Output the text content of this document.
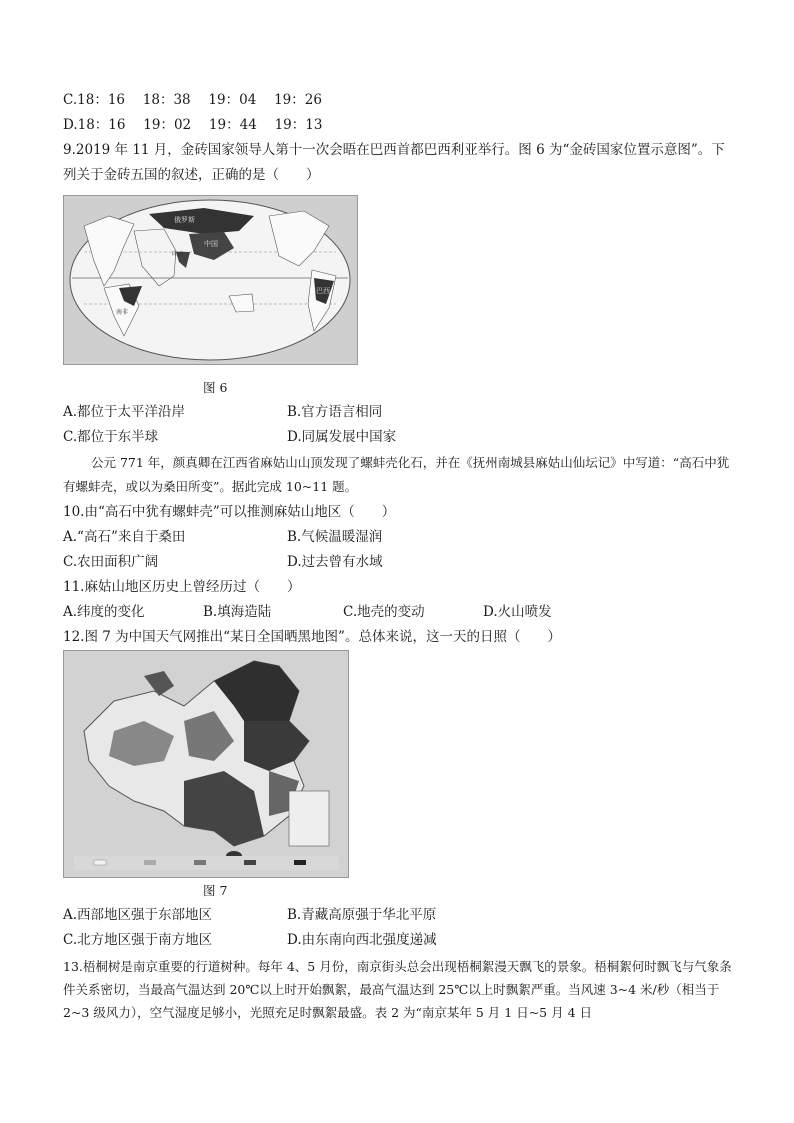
C.18：16　 18：38　 19：04　 19：26
D.18：16　 19：02　 19：44　 19：13
9.2019 年 11 月，金砖国家领导人第十一次会晤在巴西首都巴西利亚举行。图 6 为“金砖国家位置示意图”。下
列关于金砖五国的叙述，正确的是（　　）
俄罗斯
中国
印度
南非
巴西
图 6
A.都位于太平洋沿岸	B.官方语言相同
C.都位于东半球	D.同属发展中国家
公元 771 年，颜真卿在江西省麻姑山山顶发现了螺蚌壳化石，并在《抚州南城县麻姑山仙坛记》中写道：“高石中犹有螺蚌壳，或以为桑田所变”。据此完成 10~11 题。
10.由“高石中犹有螺蚌壳”可以推测麻姑山地区（　　）
A.“高石”来自于桑田	B.气候温暖湿润
C.农田面积广阔	D.过去曾有水域
11.麻姑山地区历史上曾经历过（　　）
A.纬度的变化	B.填海造陆	C.地壳的变动	D.火山喷发
12.图 7 为中国天气网推出“某日全国晒黑地图”。总体来说，这一天的日照（　　）
图 7
A.西部地区强于东部地区	B.青藏高原强于华北平原
C.北方地区强于南方地区	D.由东南向西北强度递减
13.梧桐树是南京重要的行道树种。每年 4、5 月份，南京街头总会出现梧桐絮漫天飘飞的景象。梧桐絮何时飘飞与气象条件关系密切，当最高气温达到 20℃以上时开始飘絮，最高气温达到 25℃以上时飘絮严重。当风速 3~4 米/秒（相当于 2~3 级风力），空气湿度足够小，光照充足时飘絮最盛。表 2 为“南京某年 5 月 1 日~5 月 4 日
